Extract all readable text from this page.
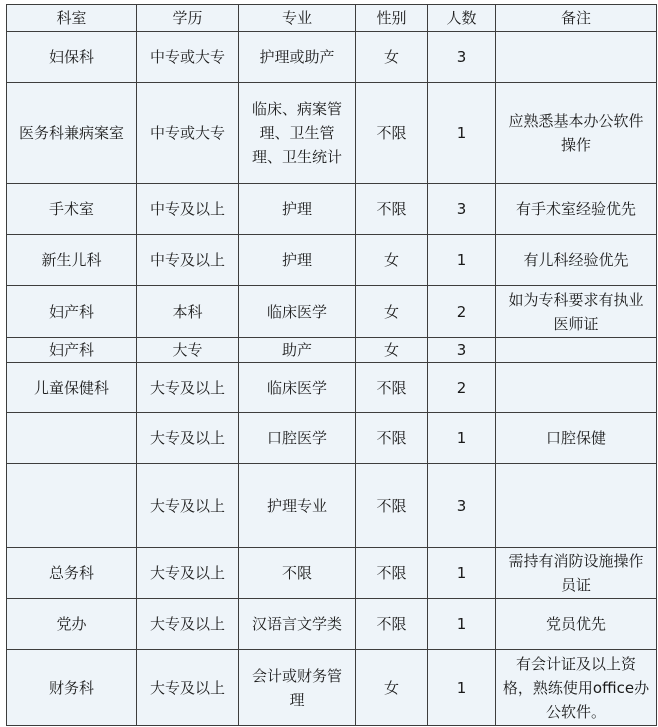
科室	学历	专业	性别	人数	备注
妇保科	中专或大专	护理或助产	女	3	
医务科兼病案室	中专或大专	临床、病案管理、卫生管理、卫生统计	不限	1	应熟悉基本办公软件操作
手术室	中专及以上	护理	不限	3	有手术室经验优先
新生儿科	中专及以上	护理	女	1	有儿科经验优先
妇产科	本科	临床医学	女	2	如为专科要求有执业医师证
妇产科	大专	助产	女	3	
儿童保健科	大专及以上	临床医学	不限	2	
	大专及以上	口腔医学	不限	1	口腔保健
	大专及以上	护理专业	不限	3	
总务科	大专及以上	不限	不限	1	需持有消防设施操作员证
党办	大专及以上	汉语言文学类	不限	1	党员优先
财务科	大专及以上	会计或财务管理	女	1	有会计证及以上资格，熟练使用office办公软件。
